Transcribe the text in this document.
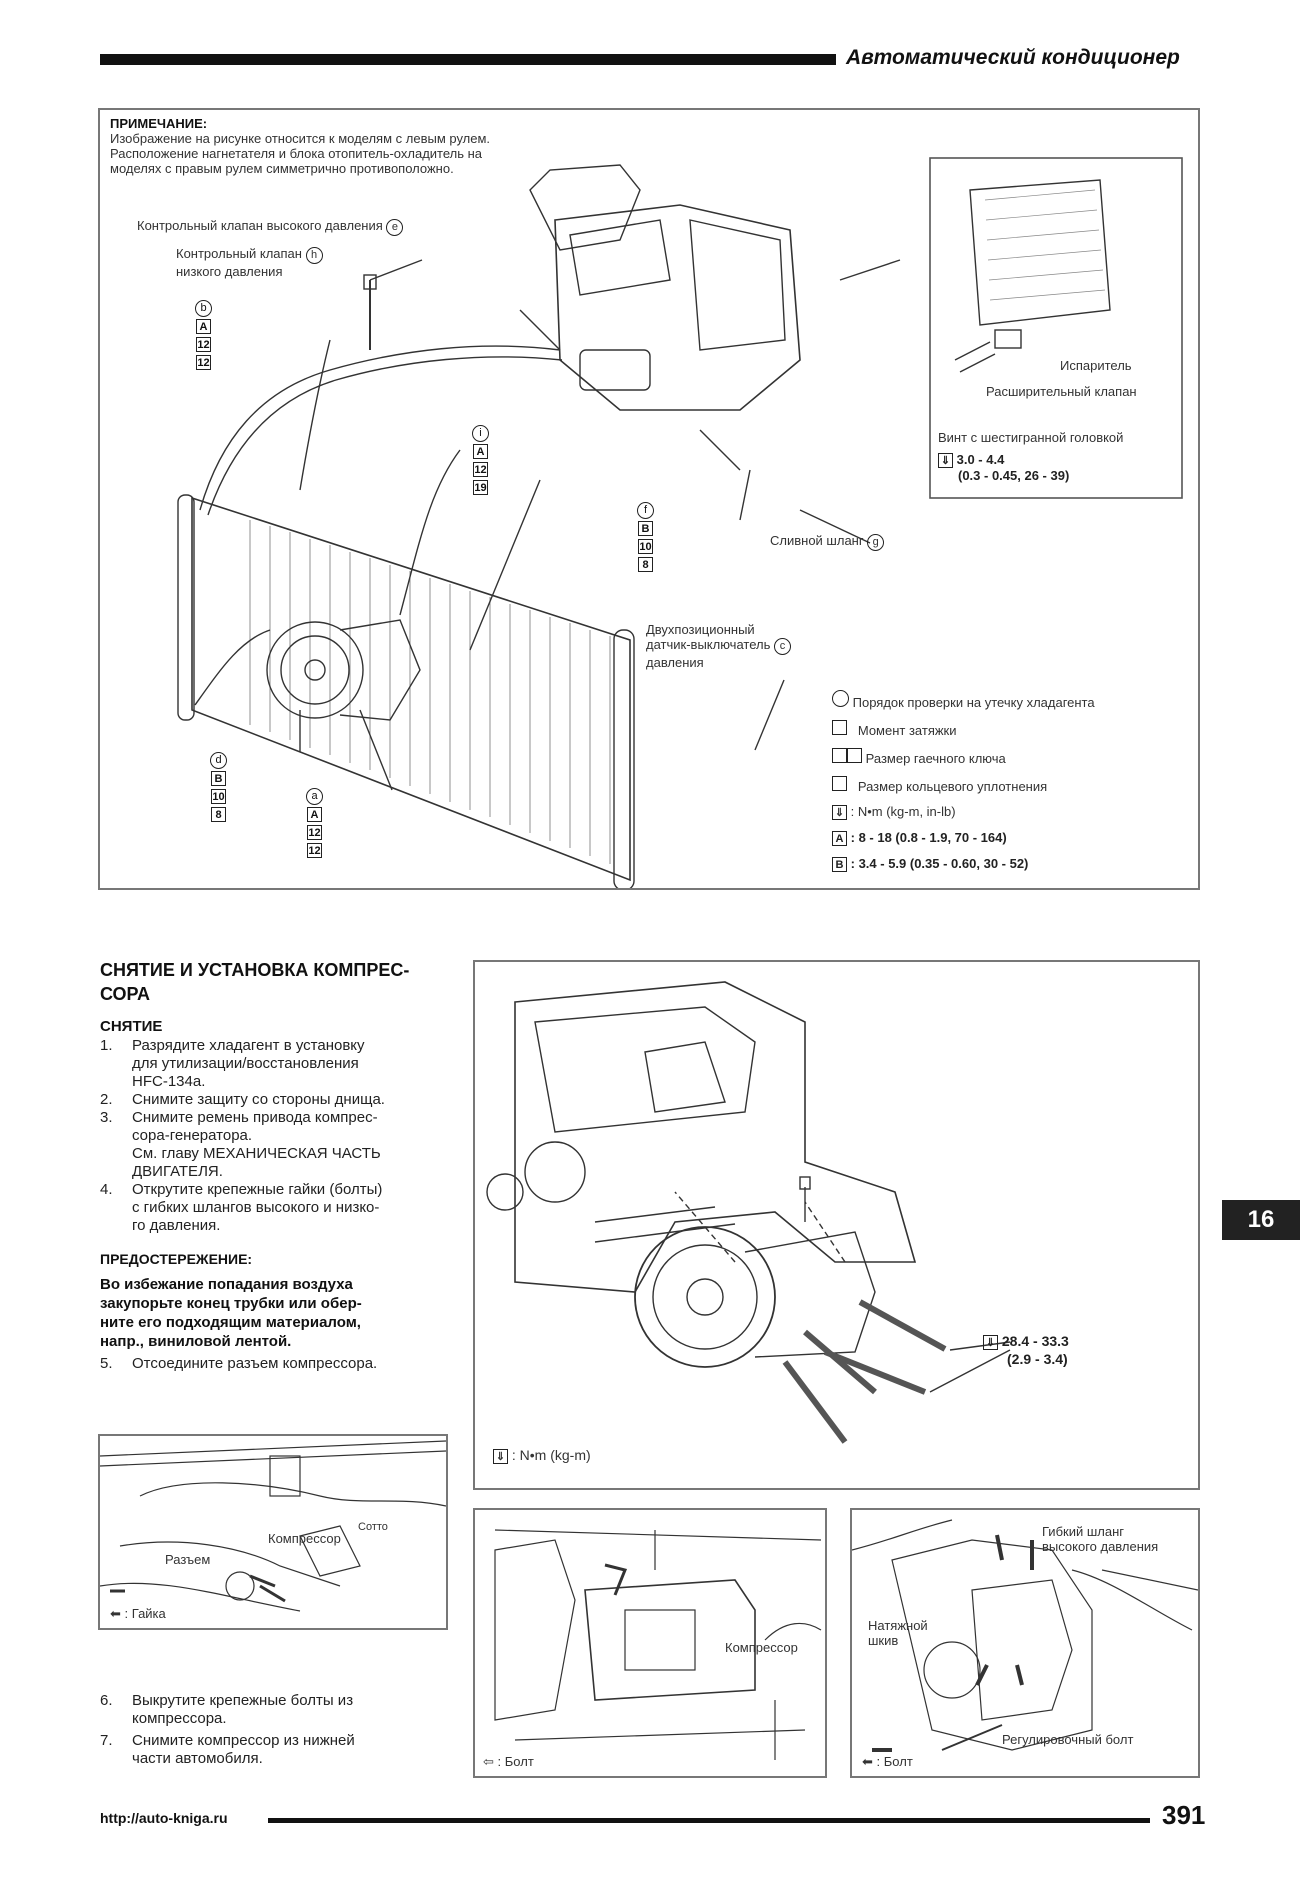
Автоматический кондиционер
ПРИМЕЧАНИЕ:
Изображение на рисунке относится к моделям с левым рулем.
Расположение нагнетателя и блока отопитель-охладитель на
моделях с правым рулем симметрично противоположно.
Контрольный клапан высокого давления e
Контрольный клапан h
низкого давления
Испаритель
Расширительный клапан
Винт с шестигранной головкой
⇓ 3.0 - 4.4
(0.3 - 0.45, 26 - 39)
Сливной шланг g
Двухпозиционный
датчик-выключатель c
давления
b
A
12
12
i
A
12
19
f
B
10
8
d
B
10
8
a
A
12
12
Порядок проверки на утечку хладагента
Момент затяжки
Размер гаечного ключа
Размер кольцевого уплотнения
⇓ : N•m (kg-m, in-lb)
A : 8 - 18 (0.8 - 1.9, 70 - 164)
B : 3.4 - 5.9 (0.35 - 0.60, 30 - 52)
СНЯТИЕ И УСТАНОВКА КОМПРЕС-
СОРА
СНЯТИЕ
1. Разрядите хладагент в установку
для утилизации/восстановления
HFC-134a.
2. Снимите защиту со стороны днища.
3. Снимите ремень привода компрес-
сора-генератора.
См. главу МЕХАНИЧЕСКАЯ ЧАСТЬ
ДВИГАТЕЛЯ.
4. Открутите крепежные гайки (болты)
с гибких шлангов высокого и низко-
го давления.
ПРЕДОСТЕРЕЖЕНИЕ:
Во избежание попадания воздуха
закупорьте конец трубки или обер-
ните его подходящим материалом,
напр., виниловой лентой.
5. Отсоедините разъем компрессора.
⇓ 28.4 - 33.3
(2.9 - 3.4)
⇓ : N•m (kg-m)
Сотто
Компрессор
Разъем
⬅ : Гайка
6. Выкрутите крепежные болты из
компрессора.
7. Снимите компрессор из нижней
части автомобиля.
Компрессор
⇦ : Болт
Гибкий шланг
высокого давления
Натяжной
шкив
Регулировочный болт
⬅ : Болт
16
http://auto-kniga.ru	391
